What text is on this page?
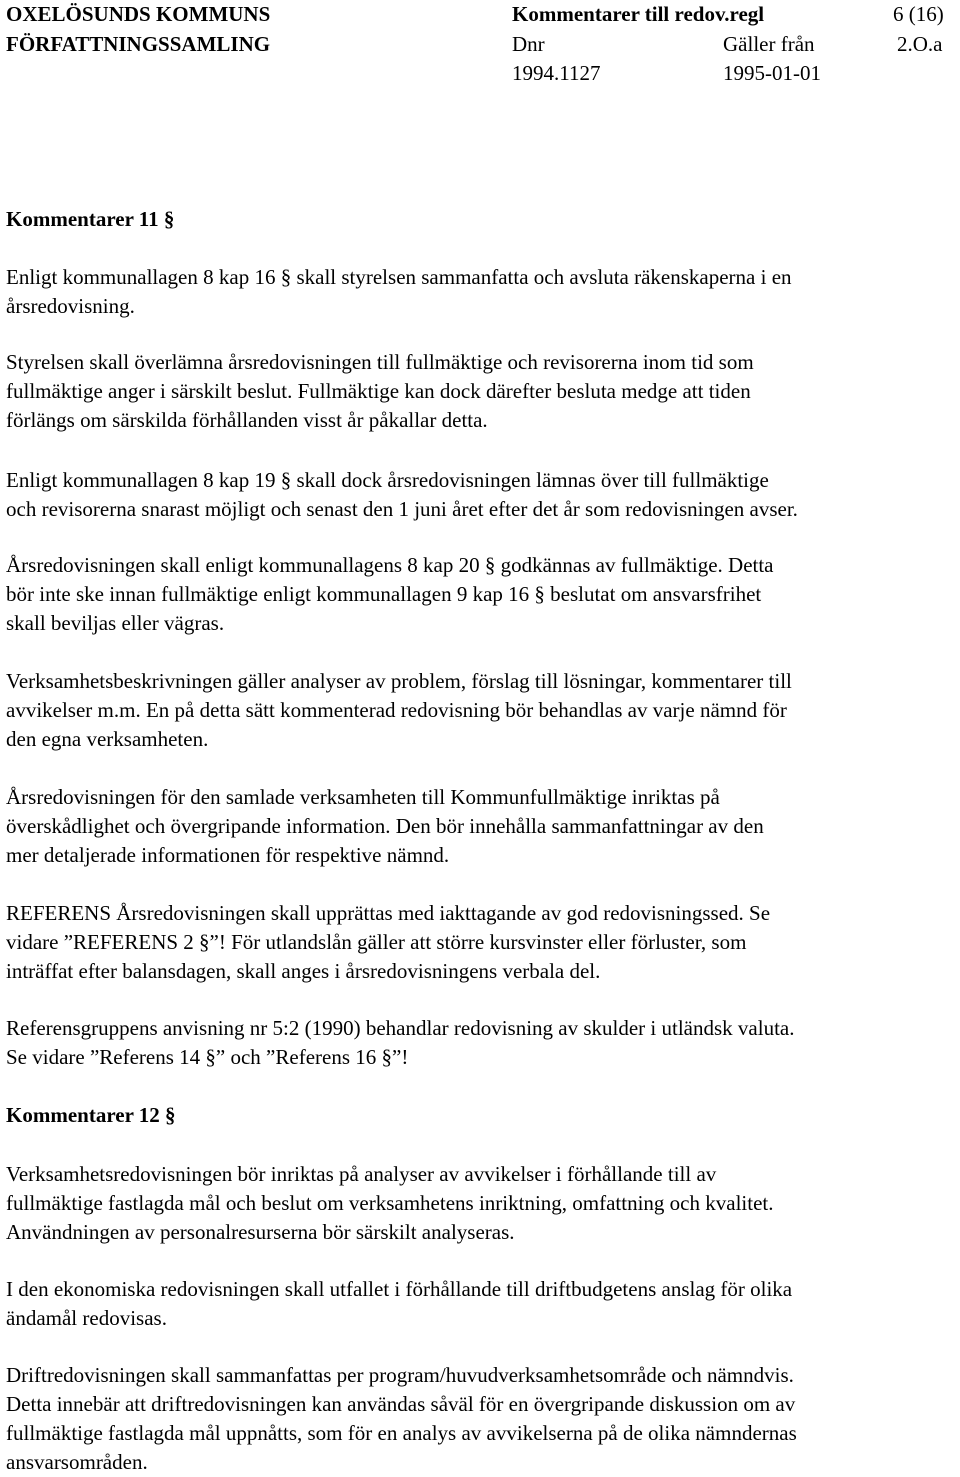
OXELÖSUNDS KOMMUNS
FÖRFATTNINGSSAMLING
Kommentarer till redov.regl	6 (16)
Dnr	Gäller från	2.O.a
1994.1127	1995-01-01
Kommentarer 11 §
Enligt kommunallagen 8 kap 16 § skall styrelsen sammanfatta och avsluta räkenskaperna i en
årsredovisning.
Styrelsen skall överlämna årsredovisningen till fullmäktige och revisorerna inom tid som
fullmäktige anger i särskilt beslut. Fullmäktige kan dock därefter besluta medge att tiden
förlängs om särskilda förhållanden visst år påkallar detta.
Enligt kommunallagen 8 kap 19 § skall dock årsredovisningen lämnas över till fullmäktige
och revisorerna snarast möjligt och senast den 1 juni året efter det år som redovisningen avser.
Årsredovisningen skall enligt kommunallagens 8 kap 20 § godkännas av fullmäktige. Detta
bör inte ske innan fullmäktige enligt kommunallagen 9 kap 16 § beslutat om ansvarsfrihet
skall beviljas eller vägras.
Verksamhetsbeskrivningen gäller analyser av problem, förslag till lösningar, kommentarer till
avvikelser m.m. En på detta sätt kommenterad redovisning bör behandlas av varje nämnd för
den egna verksamheten.
Årsredovisningen för den samlade verksamheten till Kommunfullmäktige inriktas på
överskådlighet och övergripande information. Den bör innehålla sammanfattningar av den
mer detaljerade informationen för respektive nämnd.
REFERENS Årsredovisningen skall upprättas med iakttagande av god redovisningssed. Se
vidare ”REFERENS 2 §”! För utlandslån gäller att större kursvinster eller förluster, som
inträffat efter balansdagen, skall anges i årsredovisningens verbala del.
Referensgruppens anvisning nr 5:2 (1990) behandlar redovisning av skulder i utländsk valuta.
Se vidare ”Referens 14 §” och ”Referens 16 §”!
Kommentarer 12 §
Verksamhetsredovisningen bör inriktas på analyser av avvikelser i förhållande till av
fullmäktige fastlagda mål och beslut om verksamhetens inriktning, omfattning och kvalitet.
Användningen av personalresurserna bör särskilt analyseras.
I den ekonomiska redovisningen skall utfallet i förhållande till driftbudgetens anslag för olika
ändamål redovisas.
Driftredovisningen skall sammanfattas per program/huvudverksamhetsområde och nämndvis.
Detta innebär att driftredovisningen kan användas såväl för en övergripande diskussion om av
fullmäktige fastlagda mål uppnåtts, som för en analys av avvikelserna på de olika nämndernas
ansvarsområden.
